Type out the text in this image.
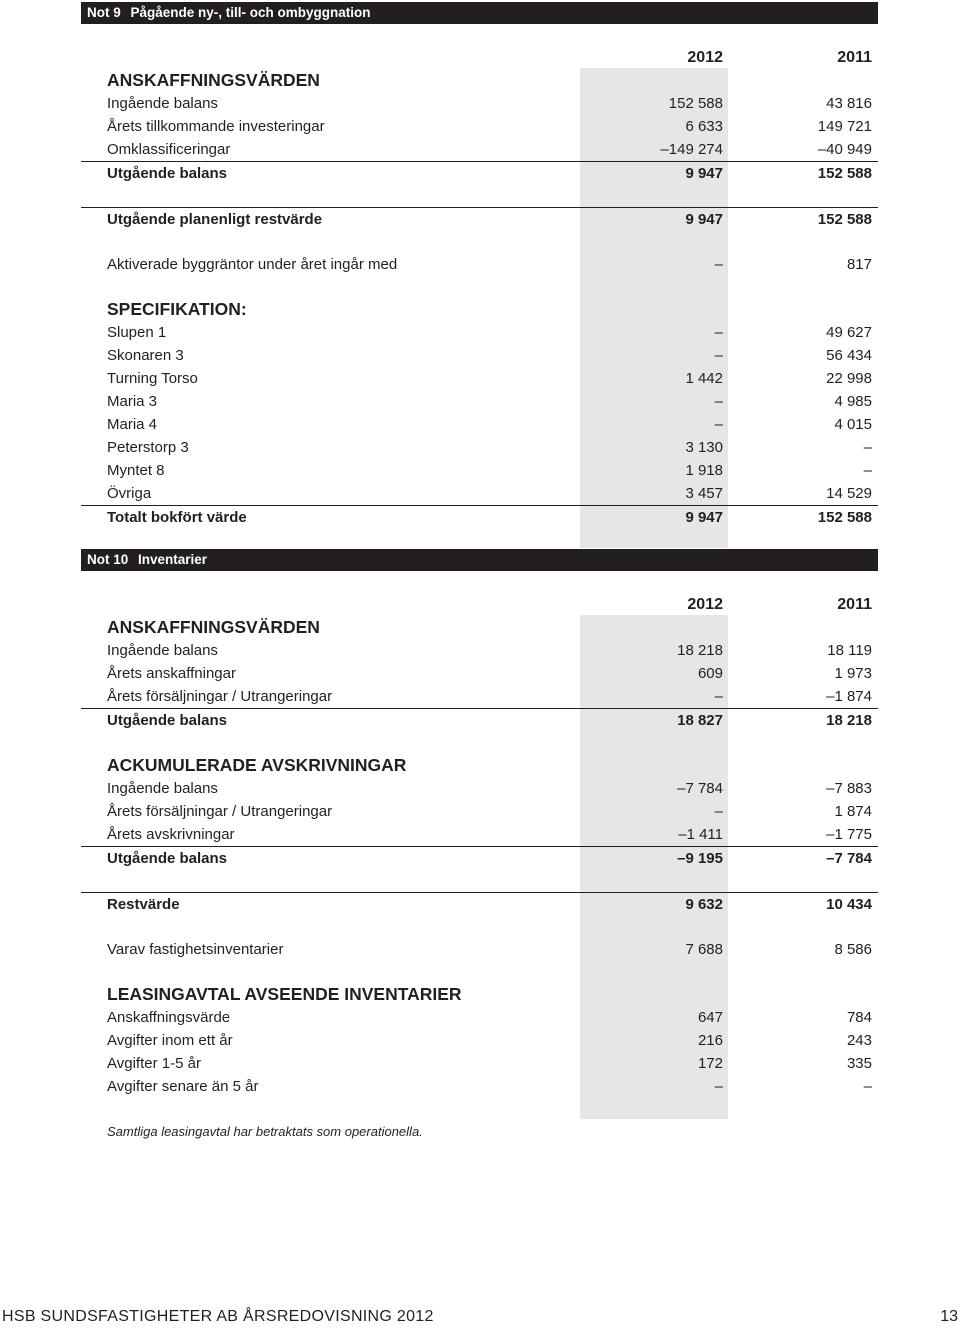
Not 9 Pågående ny-, till- och ombyggnation
2012	2011
ANSKAFFNINGSVÄRDEN
Ingående balans	152 588	43 816
Årets tillkommande investeringar	6 633	149 721
Omklassificeringar	–149 274	–40 949
Utgående balans	9 947	152 588
Utgående planenligt restvärde	9 947	152 588
Aktiverade byggräntor under året ingår med	–	817
SPECIFIKATION:
Slupen 1	–	49 627
Skonaren 3	–	56 434
Turning Torso	1 442	22 998
Maria 3	–	4 985
Maria 4	–	4 015
Peterstorp 3	3 130	–
Myntet 8	1 918	–
Övriga	3 457	14 529
Totalt bokfört värde	9 947	152 588
Not 10 Inventarier
2012	2011
ANSKAFFNINGSVÄRDEN
Ingående balans	18 218	18 119
Årets anskaffningar	609	1 973
Årets försäljningar / Utrangeringar	–	–1 874
Utgående balans	18 827	18 218
ACKUMULERADE AVSKRIVNINGAR
Ingående balans	–7 784	–7 883
Årets försäljningar / Utrangeringar	–	1 874
Årets avskrivningar	–1 411	–1 775
Utgående balans	–9 195	–7 784
Restvärde	9 632	10 434
Varav fastighetsinventarier	7 688	8 586
LEASINGAVTAL AVSEENDE INVENTARIER
Anskaffningsvärde	647	784
Avgifter inom ett år	216	243
Avgifter 1-5 år	172	335
Avgifter senare än 5 år	–	–
Samtliga leasingavtal har betraktats som operationella.
HSB SUNDSFASTIGHETER AB ÅRSREDOVISNING 2012	13
